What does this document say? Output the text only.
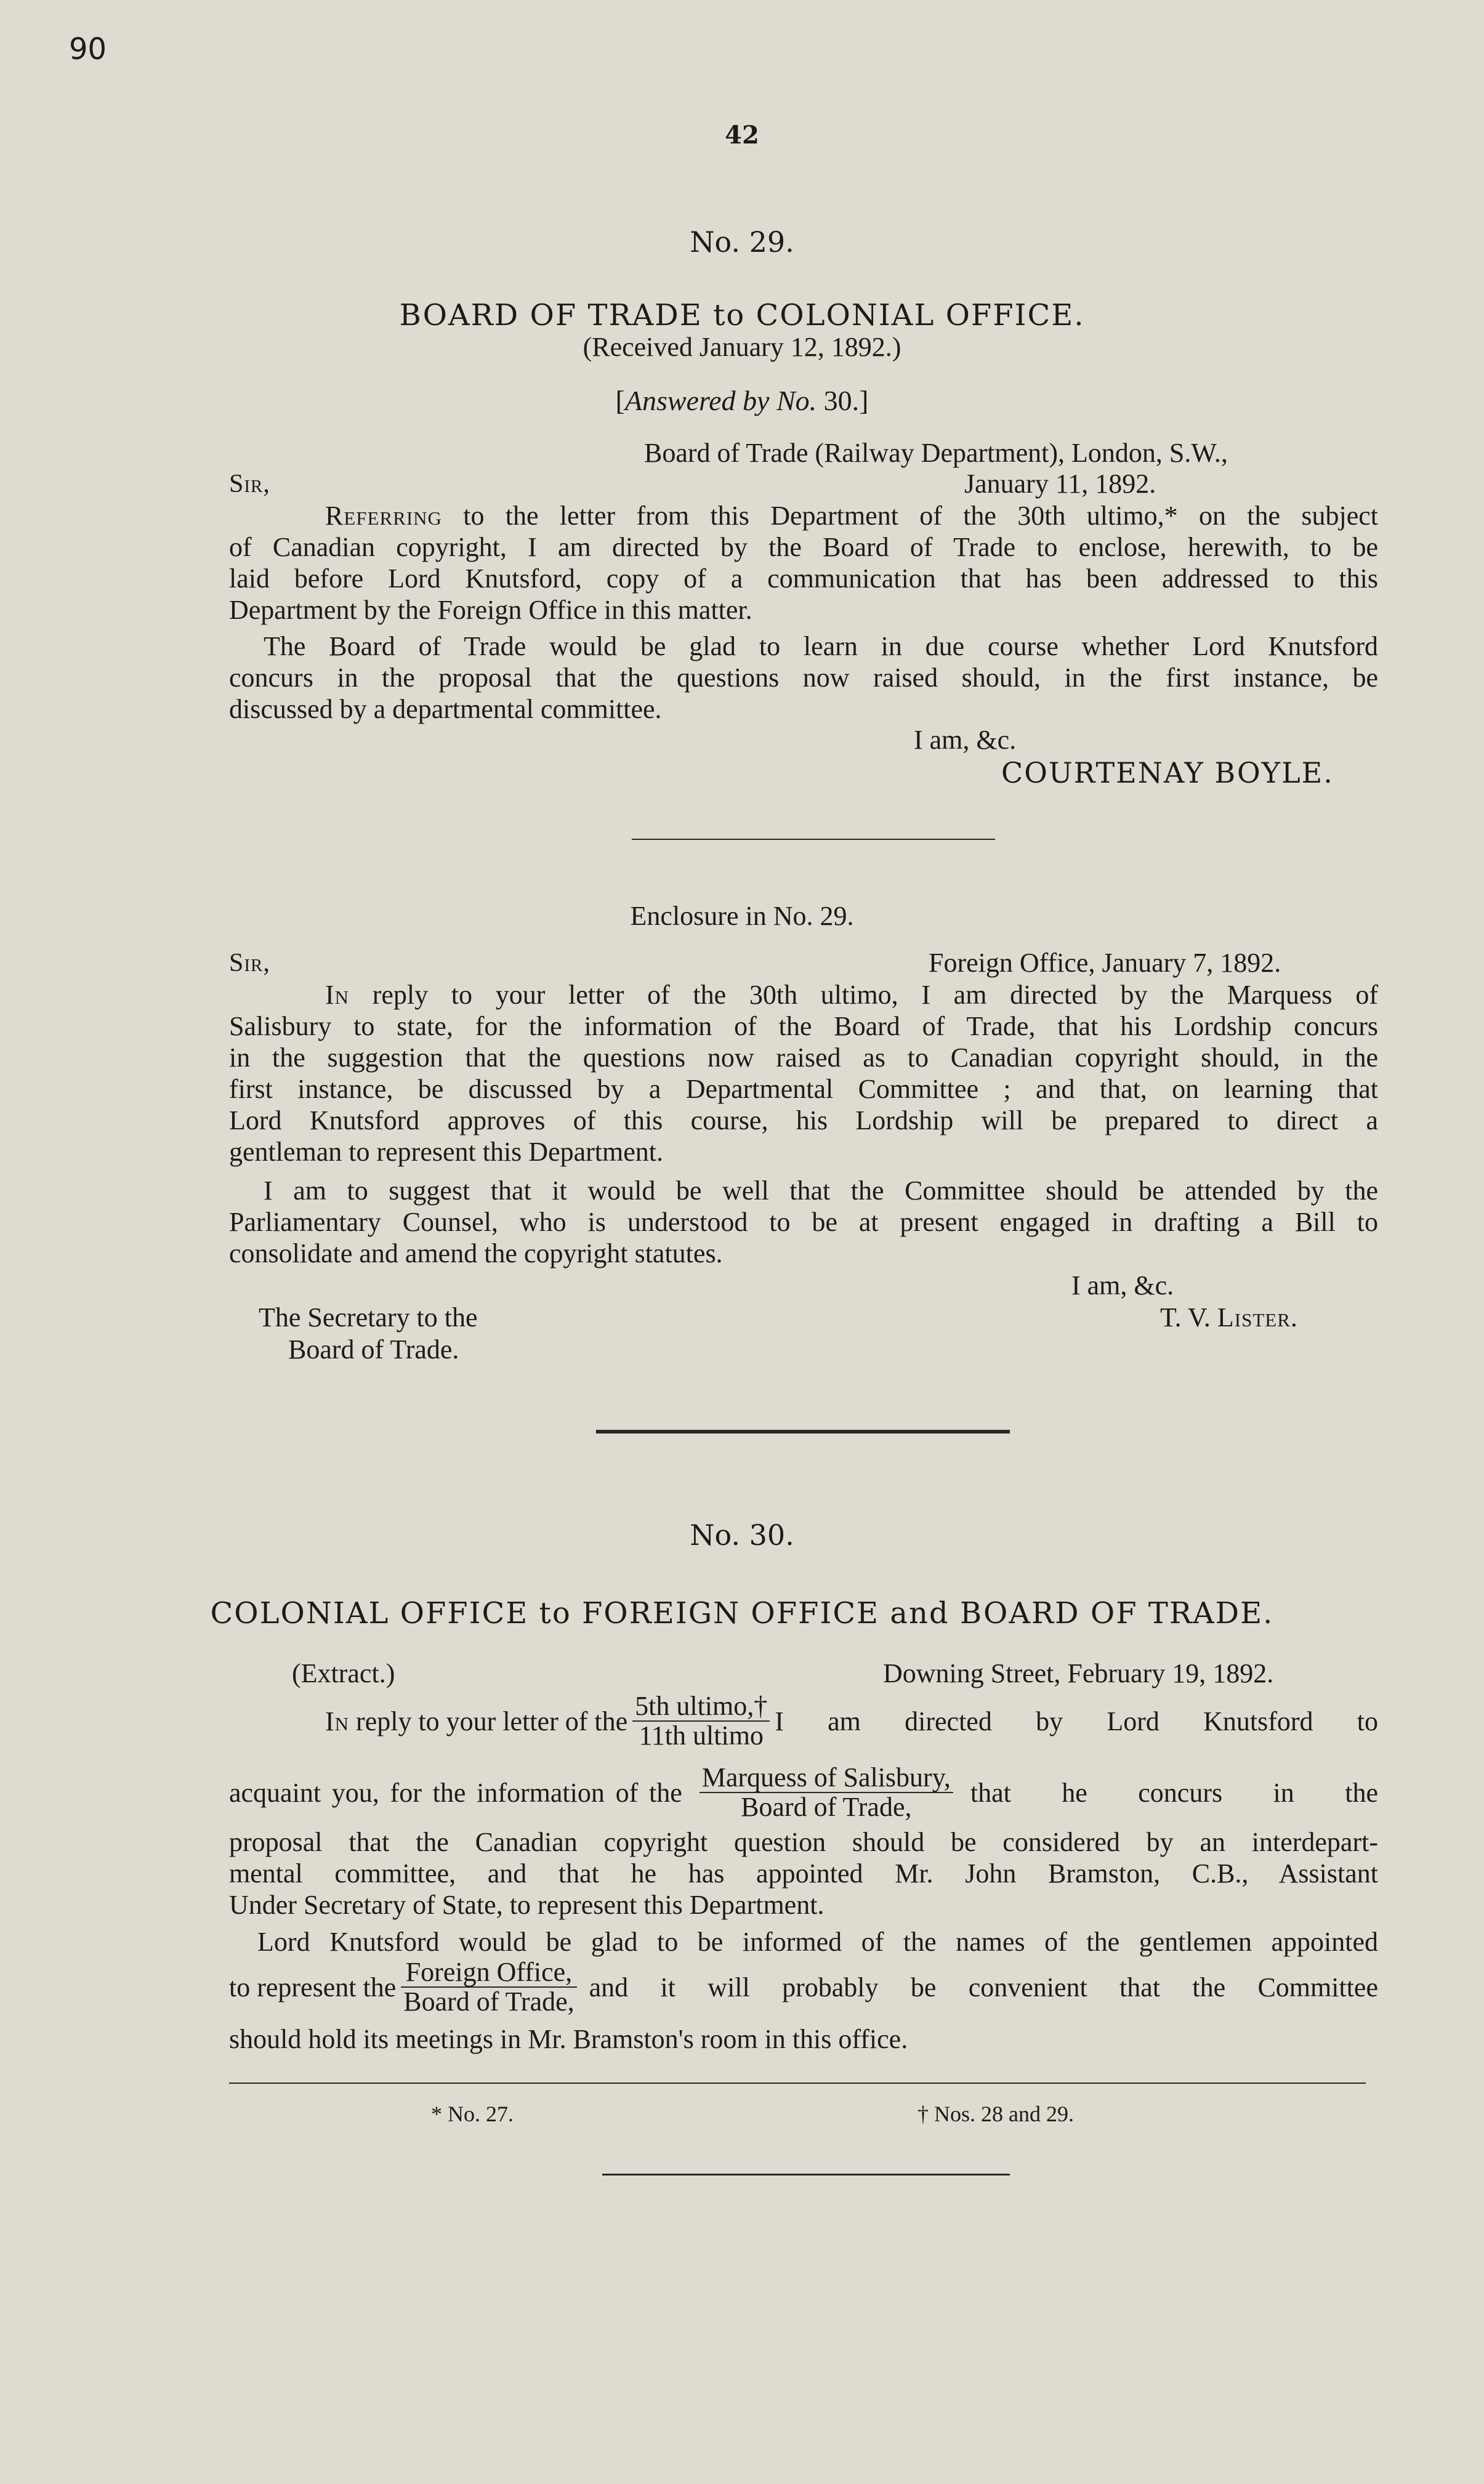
90
42
No. 29.
BOARD OF TRADE to COLONIAL OFFICE.
(Received January 12, 1892.)
[Answered by No. 30.]
Board of Trade (Railway Department), London, S.W.,
Sir,	January 11, 1892.
Referring to the letter from this Department of the 30th ultimo,* on the subject
of Canadian copyright, I am directed by the Board of Trade to enclose, herewith, to be
laid before Lord Knutsford, copy of a communication that has been addressed to this
Department by the Foreign Office in this matter.
The Board of Trade would be glad to learn in due course whether Lord Knutsford
concurs in the proposal that the questions now raised should, in the first instance, be
discussed by a departmental committee.
I am, &c.
COURTENAY BOYLE.
Enclosure in No. 29.
Sir,	Foreign Office, January 7, 1892.
In reply to your letter of the 30th ultimo, I am directed by the Marquess of
Salisbury to state, for the information of the Board of Trade, that his Lordship concurs
in the suggestion that the questions now raised as to Canadian copyright should, in the
first instance, be discussed by a Departmental Committee ; and that, on learning that
Lord Knutsford approves of this course, his Lordship will be prepared to direct a
gentleman to represent this Department.
I am to suggest that it would be well that the Committee should be attended by the
Parliamentary Counsel, who is understood to be at present engaged in drafting a Bill to
consolidate and amend the copyright statutes.
I am, &c.
The Secretary to the
Board of Trade.
T. V. Lister.
No. 30.
COLONIAL OFFICE to FOREIGN OFFICE and BOARD OF TRADE.
(Extract.)	Downing Street, February 19, 1892.
In reply to your letter of the $\frac{\text{5th ultimo,†}}{\text{11th ultimo}}$ I am directed by Lord Knutsford to
acquaint you, for the information of the $\frac{\text{Marquess of Salisbury,}}{\text{Board of Trade,}}$ that he concurs in the
proposal that the Canadian copyright question should be considered by an interdepart-
mental committee, and that he has appointed Mr. John Bramston, C.B., Assistant
Under Secretary of State, to represent this Department.
Lord Knutsford would be glad to be informed of the names of the gentlemen appointed
to represent the $\frac{\text{Foreign Office,}}{\text{Board of Trade,}}$ and it will probably be convenient that the Committee
should hold its meetings in Mr. Bramston's room in this office.
* No. 27.	† Nos. 28 and 29.
